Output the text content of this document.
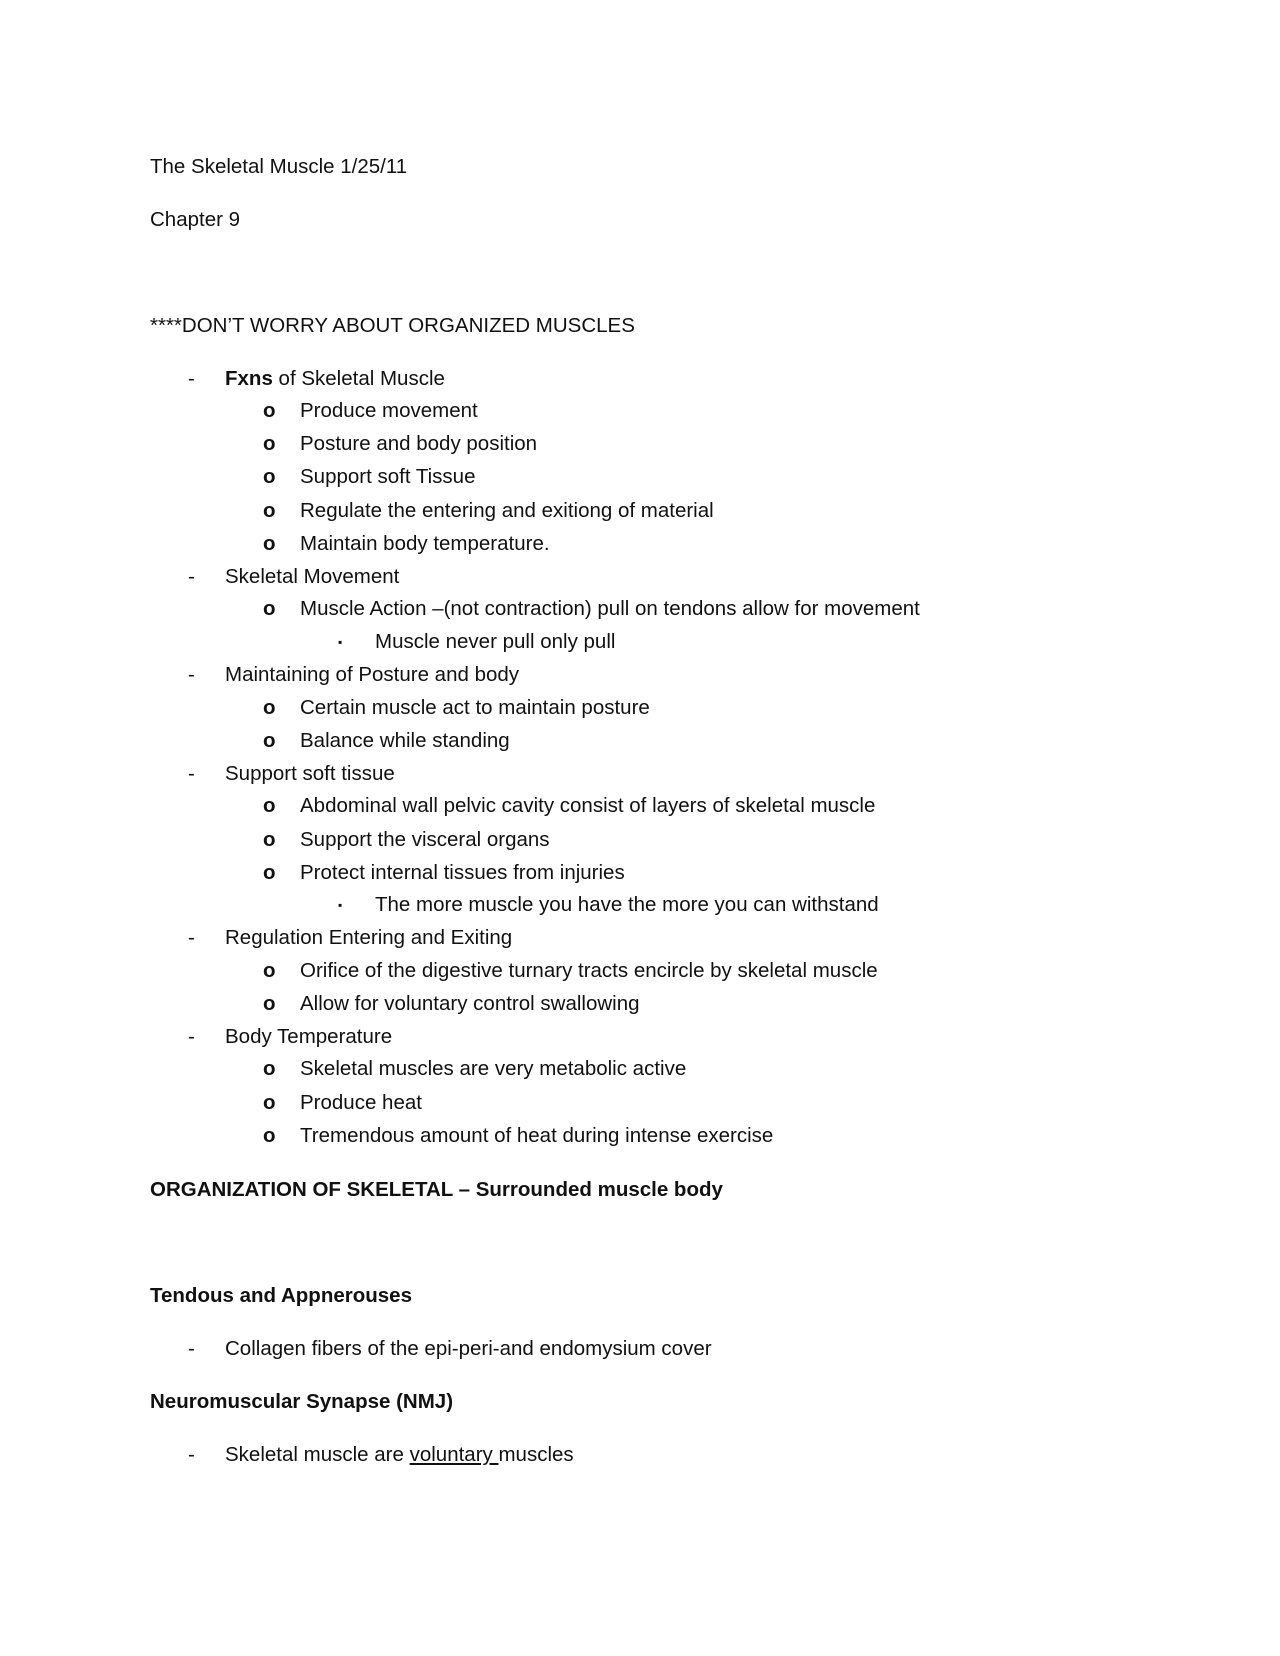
The Skeletal Muscle 1/25/11
Chapter 9
****DON’T WORRY ABOUT ORGANIZED MUSCLES
- Fxns of Skeletal Muscle
o Produce movement
o Posture and body position
o Support soft Tissue
o Regulate the entering and exitiong of material
o Maintain body temperature.
- Skeletal Movement
o Muscle Action –(not contraction) pull on tendons allow for movement
▪ Muscle never pull only pull
- Maintaining of Posture and body
o Certain muscle act to maintain posture
o Balance while standing
- Support soft tissue
o Abdominal wall pelvic cavity consist of layers of skeletal muscle
o Support the visceral organs
o Protect internal tissues from injuries
▪ The more muscle you have the more you can withstand
- Regulation Entering and Exiting
o Orifice of the digestive turnary tracts encircle by skeletal muscle
o Allow for voluntary control swallowing
- Body Temperature
o Skeletal muscles are very metabolic active
o Produce heat
o Tremendous amount of heat during intense exercise
ORGANIZATION OF SKELETAL – Surrounded muscle body
Tendous and Appnerouses
- Collagen fibers of the epi-peri-and endomysium cover
Neuromuscular Synapse (NMJ)
- Skeletal muscle are voluntary muscles
